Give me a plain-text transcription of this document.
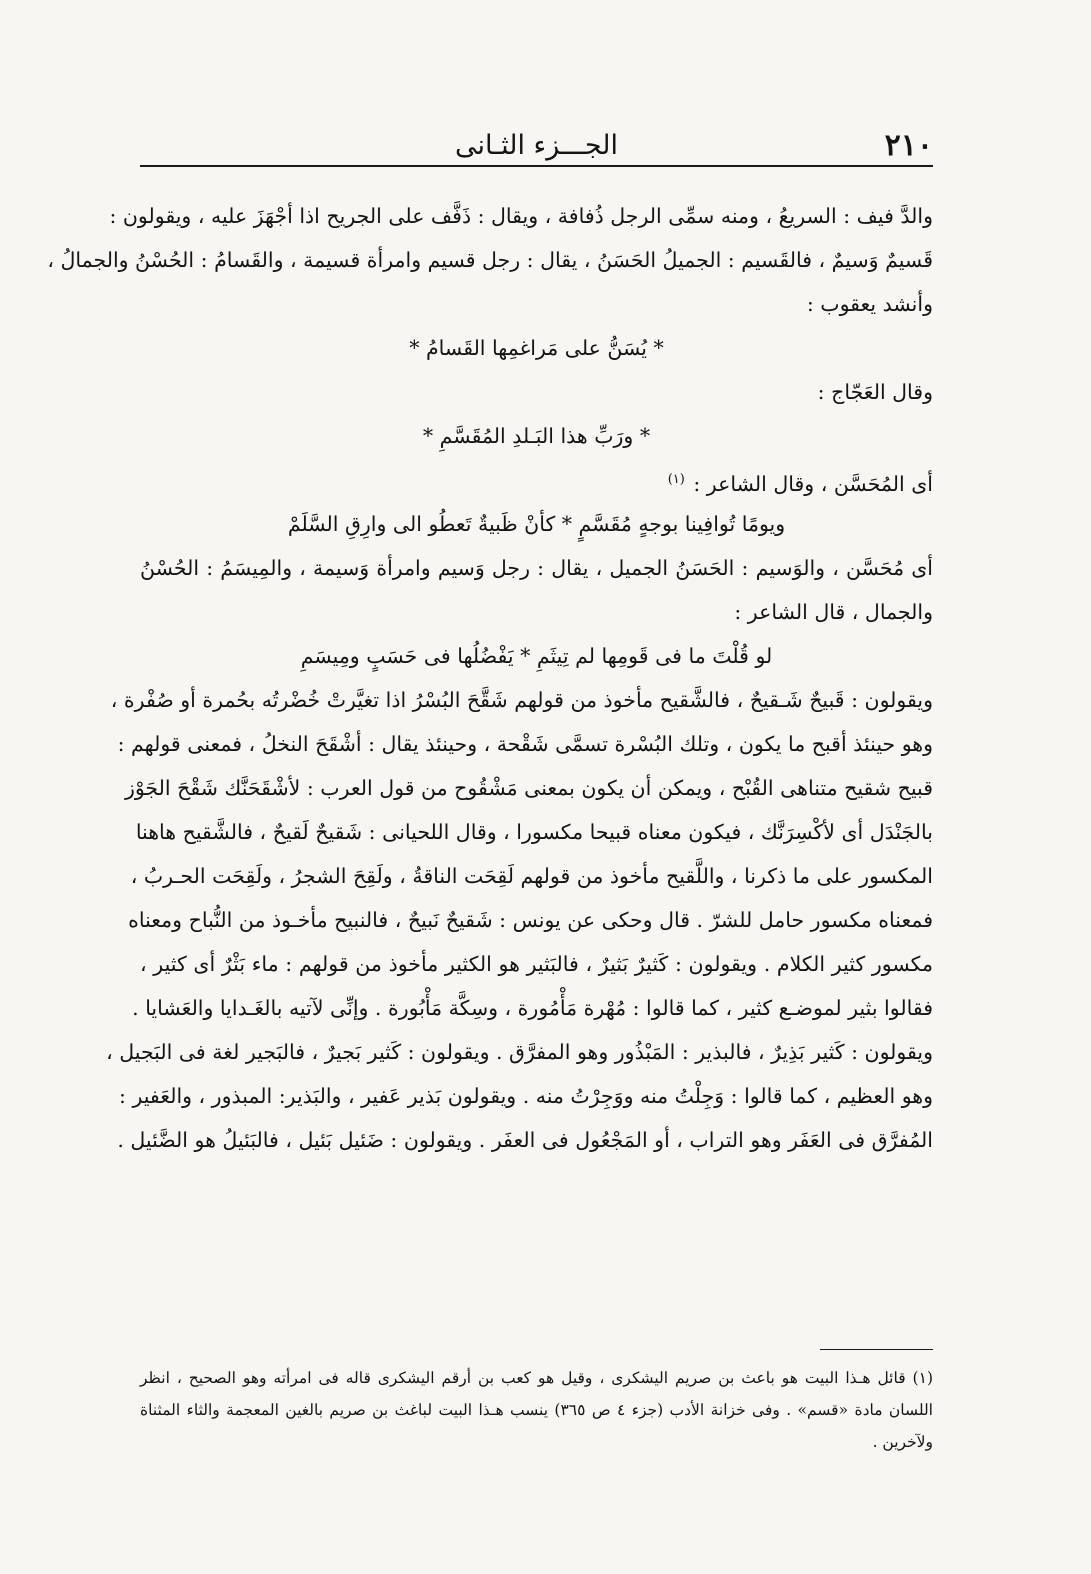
٢١٠
الجـــزء الثـانى
والدَّ فيف : السريعُ ، ومنه سمِّى الرجل ذُفافة ، ويقال : ذَفَّف على الجريح اذا أجْهَزَ عليه ، ويقولون :
قَسيمٌ وَسيمٌ ، فالقَسيم : الجميلُ الحَسَنُ ، يقال : رجل قسيم وامرأة قسيمة ، والقَسامُ : الحُسْنُ والجمالُ ،
وأنشد يعقوب :
* يُسَنُّ على مَراغمِها القَسامُ *
وقال العَجّاج :
* ورَبِّ هذا البَـلدِ المُقَسَّمِ *
أى المُحَسَّن ، وقال الشاعر : $^{(١)}$
ويومًا تُوافِينا بوجهٍ مُقَسَّمٍ * كأنْ ظَبيةٌ تَعطُو الى وارِقِ السَّلَمْ
أى مُحَسَّن ، والوَسيم : الحَسَنُ الجميل ، يقال : رجل وَسيم وامرأة وَسيمة ، والمِيسَمُ : الحُسْنُ
والجمال ، قال الشاعر :
لو قُلْتَ ما فى قَومِها لم تِيثَمِ * يَفْضُلُها فى حَسَبٍ ومِيسَمِ
ويقولون : قَبيحٌ شَـقيحٌ ، فالشَّقيح مأخوذ من قولهم شَقَّحَ البُسْرُ اذا تغيَّرتْ خُضْرتُه بحُمرة أو صُفْرة ،
وهو حينئذ أقبح ما يكون ، وتلك البُسْرة تسمَّى شَقْحة ، وحينئذ يقال : أشْقَحَ النخلُ ، فمعنى قولهم :
قبيح شقيح متناهى القُبْح ، ويمكن أن يكون بمعنى مَشْقُوح من قول العرب : لأشْقَحَنَّك شَقْحَ الجَوْز
بالجَنْدَل أى لأكْسِرَنَّك ، فيكون معناه قبيحا مكسورا ، وقال اللحيانى : شَقيحٌ لَقيحٌ ، فالشَّقيح هاهنا
المكسور على ما ذكرنا ، واللَّقيح مأخوذ من قولهم لَقِحَت الناقةُ ، ولَقِحَ الشجرُ ، ولَقِحَت الحـربُ ،
فمعناه مكسور حامل للشرّ . قال وحكى عن يونس : شَقيحٌ نَبيحٌ ، فالنبيح مأخـوذ من النُّباح ومعناه
مكسور كثير الكلام . ويقولون : كَثيرٌ بَثيرٌ ، فالبَثير هو الكثير مأخوذ من قولهم : ماء بَثْرٌ أى كثير ،
فقالوا بثير لموضـع كثير ، كما قالوا : مُهْرة مَأْمُورة ، وسِكَّة مَأْبُورة . وإنِّى لآتيه بالغَـدايا والعَشايا .
ويقولون : كَثير بَذِيرٌ ، فالبذير : المَبْذُور وهو المفرَّق . ويقولون : كَثير بَجيرٌ ، فالبَجير لغة فى البَجيل ،
وهو العظيم ، كما قالوا : وَجِلْتُ منه ووَجِرْتُ منه . ويقولون بَذير عَفير ، والبَذير: المبذور ، والعَفير :
المُفرَّق فى العَفَر وهو التراب ، أو المَجْعُول فى العفَر . ويقولون : ضَئيل بَئيل ، فالبَئيلُ هو الضَّئيل .
(١) قائل هـذا البيت هو باعث بن صريم اليشكرى ، وقيل هو كعب بن أرقم اليشكرى قاله فى امرأته وهو الصحيح ، انظر
اللسان مادة «قسم» . وفى خزانة الأدب (جزء ٤ ص ٣٦٥) ينسب هـذا البيت لباغث بن صريم بالغين المعجمة والثاء المثناة
ولآخرين .
